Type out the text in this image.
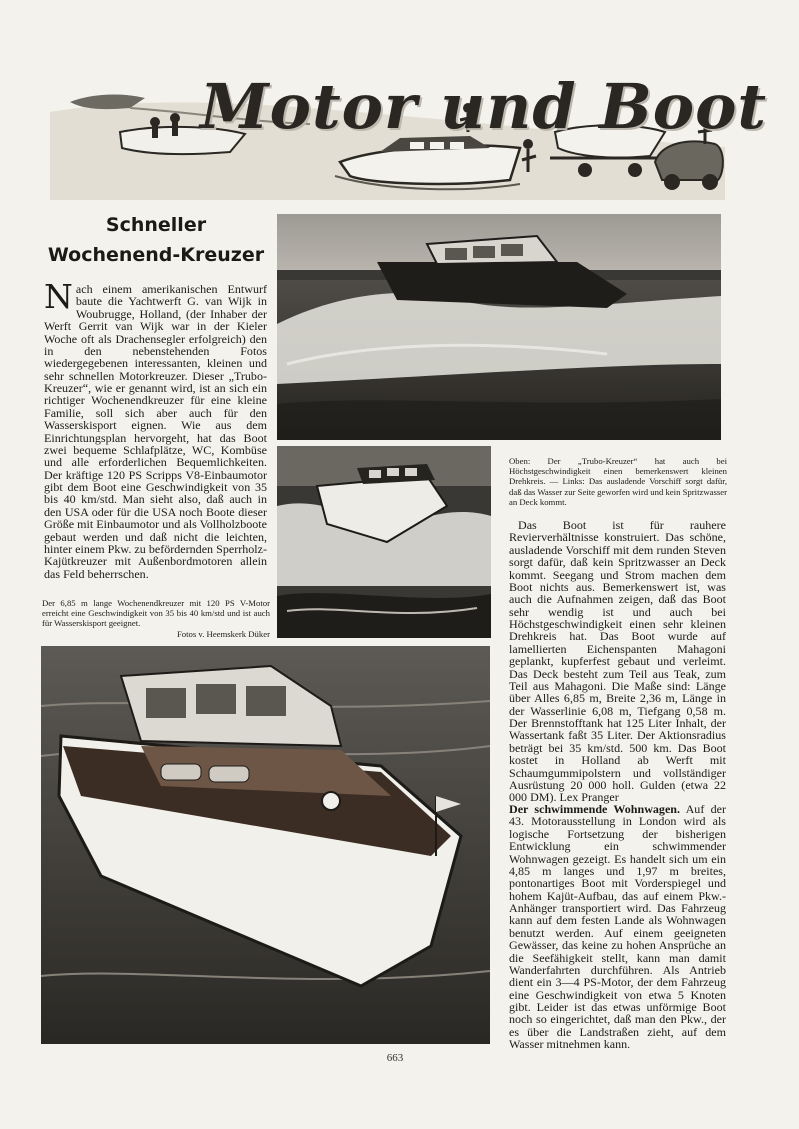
Motor und Boot
Schneller
Wochenend-Kreuzer
Nach einem amerikanischen Entwurf baute die Yachtwerft G. van Wijk in Woubrugge, Holland, (der Inhaber der Werft Gerrit van Wijk war in der Kieler Woche oft als Drachensegler erfolgreich) den in den nebenstehenden Fotos wiedergegebenen interessanten, kleinen und sehr schnellen Motorkreuzer. Dieser „Trubo-Kreuzer“, wie er genannt wird, ist an sich ein richtiger Wochenendkreuzer für eine kleine Familie, soll sich aber auch für den Wasserskisport eignen. Wie aus dem Einrichtungsplan hervorgeht, hat das Boot zwei bequeme Schlafplätze, WC, Kombüse und alle erforderlichen Bequemlichkeiten. Der kräftige 120 PS Scripps V8-Einbaumotor gibt dem Boot eine Geschwindigkeit von 35 bis 40 km/std. Man sieht also, daß auch in den USA oder für die USA noch Boote dieser Größe mit Einbaumotor und als Vollholzboote gebaut werden und daß nicht die leichten, hinter einem Pkw. zu befördernden Sperrholz-Kajütkreuzer mit Außenbordmotoren allein das Feld beherrschen.
Der 6,85 m lange Wochenendkreuzer mit 120 PS V-Motor erreicht eine Geschwindigkeit von 35 bis 40 km/std und ist auch für Wasserskisport geeignet.
Fotos v. Heemskerk Düker
Oben: Der „Trubo-Kreuzer“ hat auch bei Höchstgeschwindigkeit einen bemerkenswert kleinen Drehkreis. — Links: Das ausladende Vorschiff sorgt dafür, daß das Wasser zur Seite geworfen wird und kein Spritzwasser an Deck kommt.
Das Boot ist für rauhere Revierverhältnisse konstruiert. Das schöne, ausladende Vorschiff mit dem runden Steven sorgt dafür, daß kein Spritzwasser an Deck kommt. Seegang und Strom machen dem Boot nichts aus. Bemerkenswert ist, was auch die Aufnahmen zeigen, daß das Boot sehr wendig ist und auch bei Höchstgeschwindigkeit einen sehr kleinen Drehkreis hat. Das Boot wurde auf lamellierten Eichenspanten Mahagoni geplankt, kupferfest gebaut und verleimt. Das Deck besteht zum Teil aus Teak, zum Teil aus Mahagoni. Die Maße sind: Länge über Alles 6,85 m, Breite 2,36 m, Länge in der Wasserlinie 6,08 m, Tiefgang 0,58 m. Der Brennstofftank hat 125 Liter Inhalt, der Wassertank faßt 35 Liter. Der Aktionsradius beträgt bei 35 km/std. 500 km. Das Boot kostet in Holland ab Werft mit Schaumgummipolstern und vollständiger Ausrüstung 20 000 holl. Gulden (etwa 22 000 DM). Lex Pranger
Der schwimmende Wohnwagen. Auf der 43. Motorausstellung in London wird als logische Fortsetzung der bisherigen Entwicklung ein schwimmender Wohnwagen gezeigt. Es handelt sich um ein 4,85 m langes und 1,97 m breites, pontonartiges Boot mit Vorderspiegel und hohem Kajüt-Aufbau, das auf einem Pkw.-Anhänger transportiert wird. Das Fahrzeug kann auf dem festen Lande als Wohnwagen benutzt werden. Auf einem geeigneten Gewässer, das keine zu hohen Ansprüche an die Seefähigkeit stellt, kann man damit Wanderfahrten durchführen. Als Antrieb dient ein 3—4 PS-Motor, der dem Fahrzeug eine Geschwindigkeit von etwa 5 Knoten gibt. Leider ist das etwas unförmige Boot noch so eingerichtet, daß man den Pkw., der es über die Landstraßen zieht, auf dem Wasser mitnehmen kann.
663
